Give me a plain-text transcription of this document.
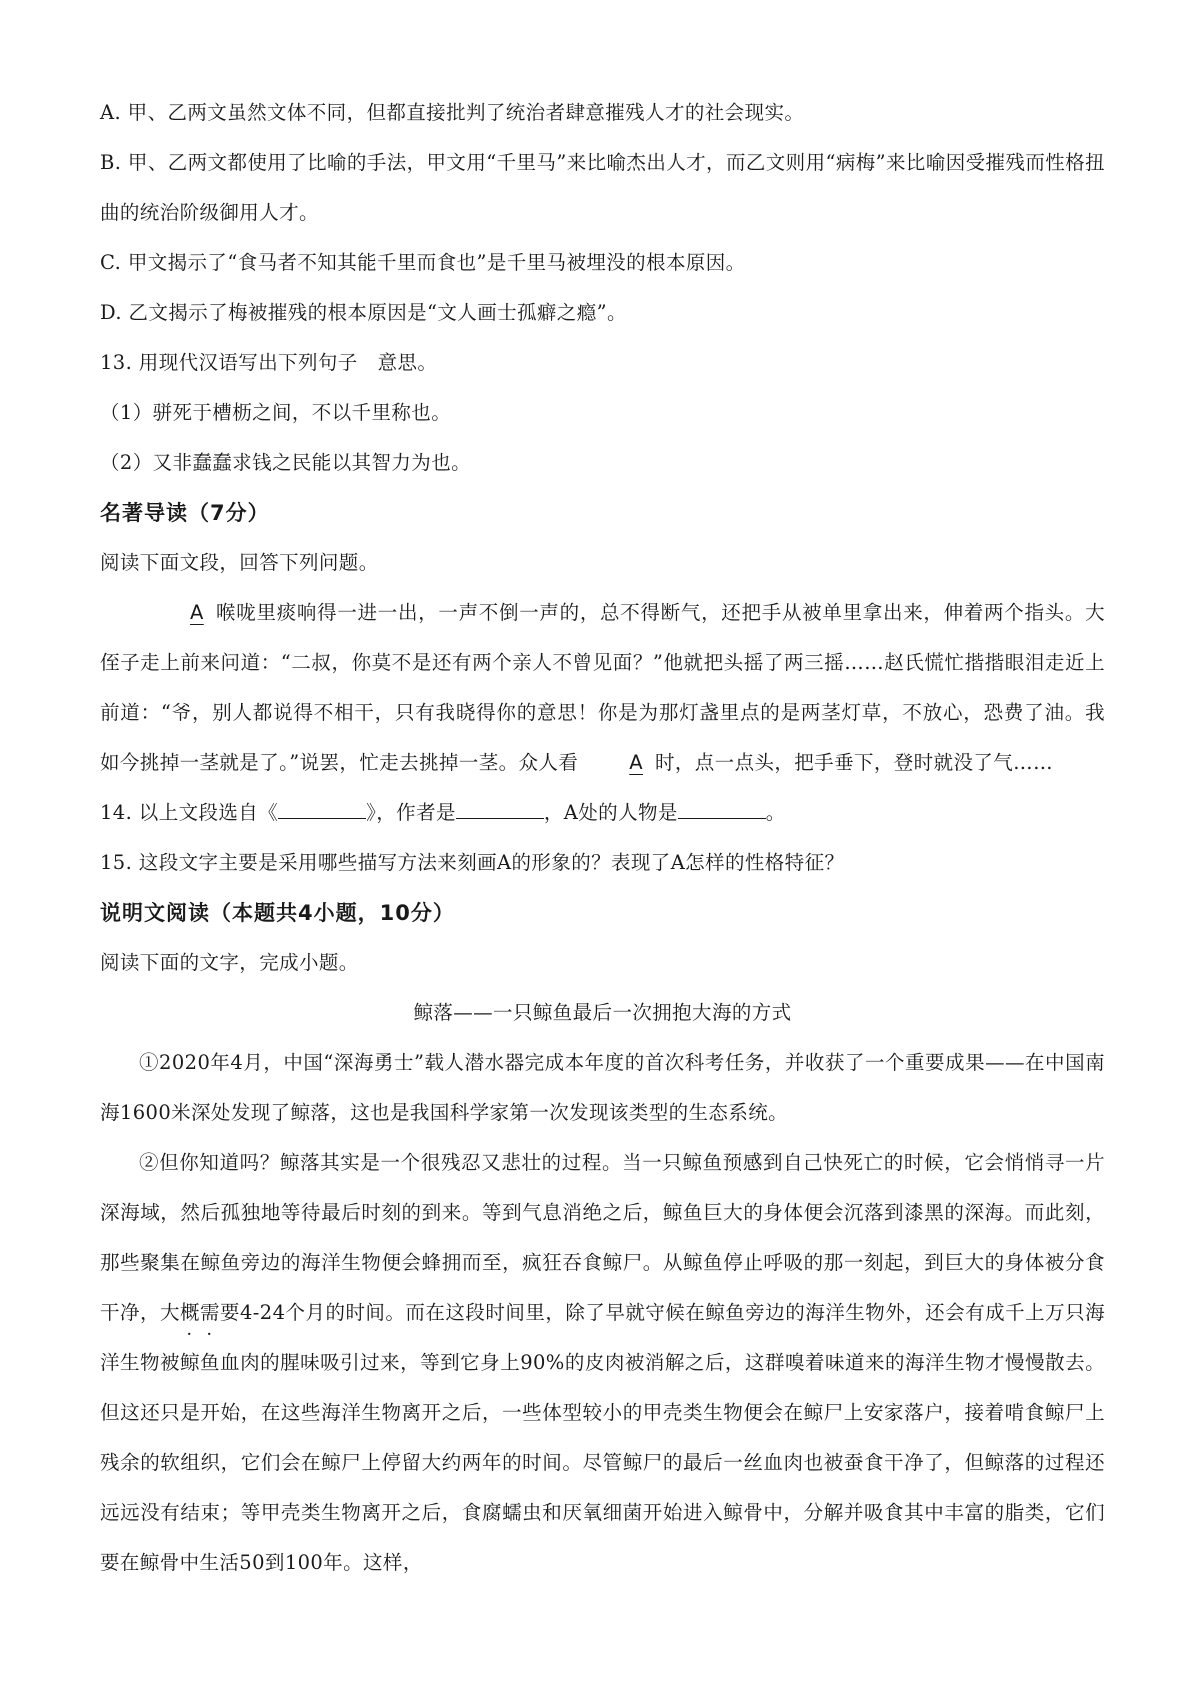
A. 甲、乙两文虽然文体不同，但都直接批判了统治者肆意摧残人才的社会现实。
B. 甲、乙两文都使用了比喻的手法，甲文用“千里马”来比喻杰出人才，而乙文则用“病梅”来比喻因受摧残而性格扭曲的统治阶级御用人才。
C. 甲文揭示了“食马者不知其能千里而食也”是千里马被埋没的根本原因。
D. 乙文揭示了梅被摧残的根本原因是“文人画士孤癖之瘾”。
13. 用现代汉语写出下列句子　意思。
（1）骈死于槽枥之间，不以千里称也。
（2）又非蠢蠢求钱之民能以其智力为也。
名著导读（7分）
阅读下面文段，回答下列问题。
A 喉咙里痰响得一进一出，一声不倒一声的，总不得断气，还把手从被单里拿出来，伸着两个指头。大侄子走上前来问道：“二叔，你莫不是还有两个亲人不曾见面？”他就把头摇了两三摇……赵氏慌忙揩揩眼泪走近上前道：“爷，别人都说得不相干，只有我晓得你的意思！你是为那灯盏里点的是两茎灯草，不放心，恐费了油。我如今挑掉一茎就是了。”说罢，忙走去挑掉一茎。众人看	A 时，点一点头，把手垂下，登时就没了气……
14. 以上文段选自《	》，作者是	，A处的人物是	。
15. 这段文字主要是采用哪些描写方法来刻画A的形象的？表现了A怎样的性格特征？
说明文阅读（本题共4小题，10分）
阅读下面的文字，完成小题。
鲸落——一只鲸鱼最后一次拥抱大海的方式
①2020年4月，中国“深海勇士”载人潜水器完成本年度的首次科考任务，并收获了一个重要成果——在中国南海1600米深处发现了鲸落，这也是我国科学家第一次发现该类型的生态系统。
②但你知道吗？鲸落其实是一个很残忍又悲壮的过程。当一只鲸鱼预感到自己快死亡的时候，它会悄悄寻一片深海域，然后孤独地等待最后时刻的到来。等到气息消绝之后，鲸鱼巨大的身体便会沉落到漆黑的深海。而此刻，那些聚集在鲸鱼旁边的海洋生物便会蜂拥而至，疯狂吞食鲸尸。从鲸鱼停止呼吸的那一刻起，到巨大的身体被分食干净，大概需要4-24个月的时间。而在这段时间里，除了早就守候在鲸鱼旁边的海洋生物外，还会有成千上万只海洋生物被鲸鱼血肉的腥味吸引过来，等到它身上90%的皮肉被消解之后，这群嗅着味道来的海洋生物才慢慢散去。但这还只是开始，在这些海洋生物离开之后，一些体型较小的甲壳类生物便会在鲸尸上安家落户，接着啃食鲸尸上残余的软组织，它们会在鲸尸上停留大约两年的时间。尽管鲸尸的最后一丝血肉也被蚕食干净了，但鲸落的过程还远远没有结束；等甲壳类生物离开之后，食腐蠕虫和厌氧细菌开始进入鲸骨中，分解并吸食其中丰富的脂类，它们要在鲸骨中生活50到100年。这样，
